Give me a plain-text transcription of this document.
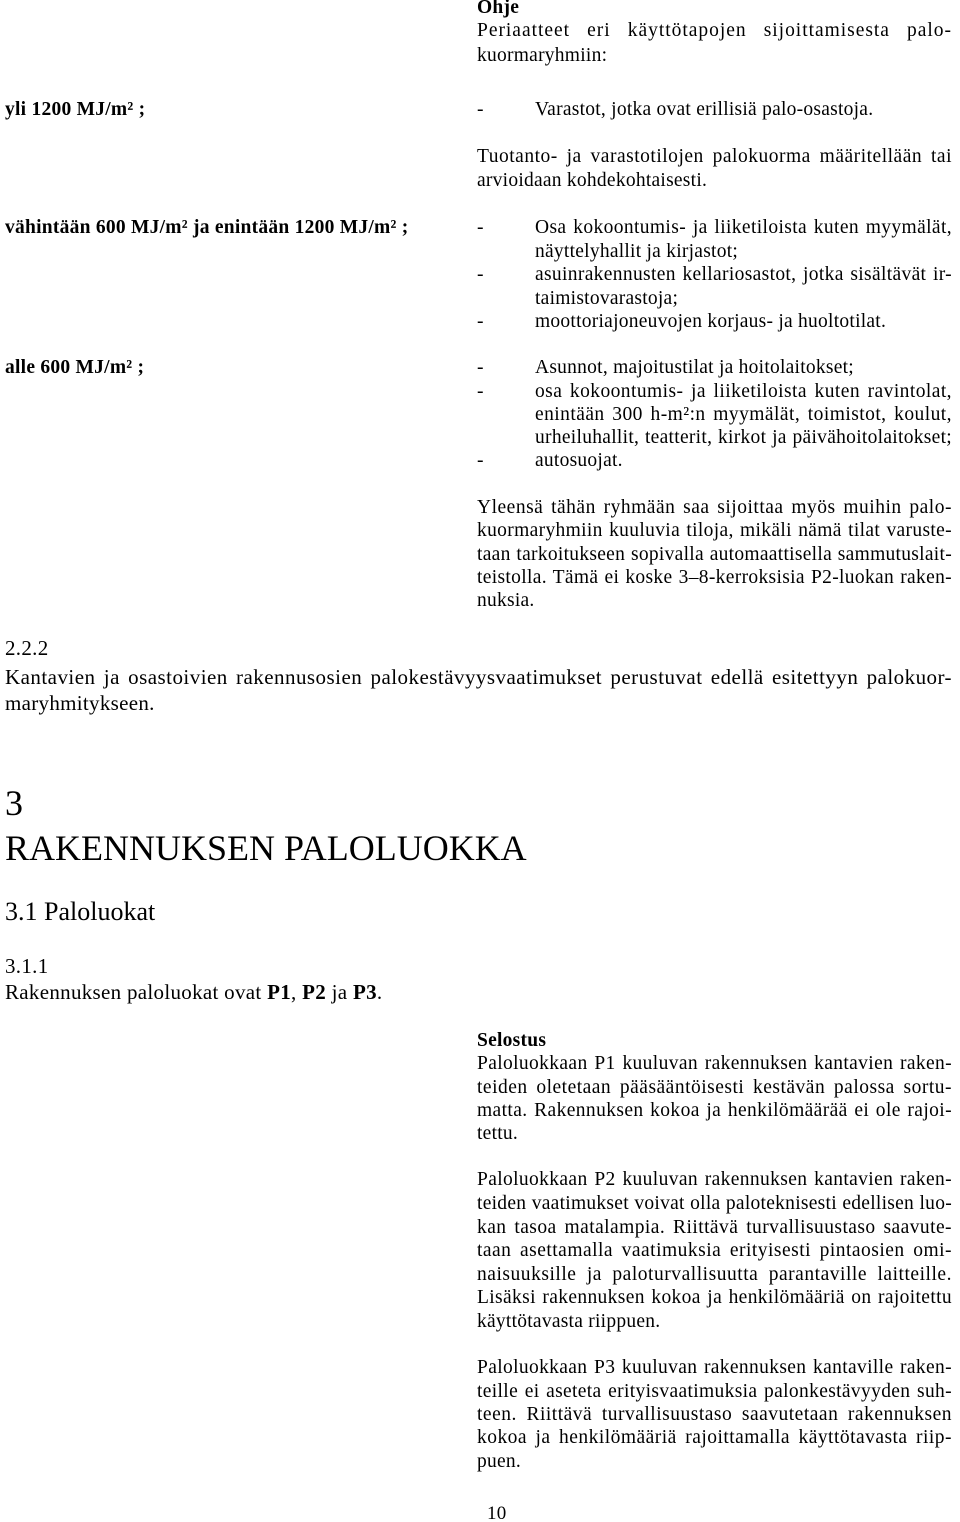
Ohje
Periaatteet eri käyttötapojen sijoittamisesta palo-
kuormaryhmiin:
yli 1200 MJ/m² ;	-	Varastot, jotka ovat erillisiä palo-osastoja.
Tuotanto- ja varastotilojen palokuorma määritellään tai
arvioidaan kohdekohtaisesti.
vähintään 600 MJ/m² ja enintään 1200 MJ/m² ;	-	Osa kokoontumis- ja liiketiloista kuten myymälät,
näyttelyhallit ja kirjastot;
-	asuinrakennusten kellariosastot, jotka sisältävät ir-
taimistovarastoja;
-	moottoriajoneuvojen korjaus- ja huoltotilat.
alle 600 MJ/m² ;	-	Asunnot, majoitustilat ja hoitolaitokset;
-	osa kokoontumis- ja liiketiloista kuten ravintolat,
enintään 300 h-m²:n myymälät, toimistot, koulut,
urheiluhallit, teatterit, kirkot ja päivähoitolaitokset;
-	autosuojat.
Yleensä tähän ryhmään saa sijoittaa myös muihin palo-
kuormaryhmiin kuuluvia tiloja, mikäli nämä tilat varuste-
taan tarkoitukseen sopivalla automaattisella sammutuslait-
teistolla. Tämä ei koske 3–8-kerroksisia P2-luokan raken-
nuksia.
2.2.2
Kantavien ja osastoivien rakennusosien palokestävyysvaatimukset perustuvat edellä esitettyyn palokuor-
maryhmitykseen.
3
RAKENNUKSEN PALOLUOKKA
3.1 Paloluokat
3.1.1
Rakennuksen paloluokat ovat P1, P2 ja P3.
Selostus
Paloluokkaan P1 kuuluvan rakennuksen kantavien raken-
teiden oletetaan pääsääntöisesti kestävän palossa sortu-
matta. Rakennuksen kokoa ja henkilömäärää ei ole rajoi-
tettu.
Paloluokkaan P2 kuuluvan rakennuksen kantavien raken-
teiden vaatimukset voivat olla paloteknisesti edellisen luo-
kan tasoa matalampia. Riittävä turvallisuustaso saavute-
taan asettamalla vaatimuksia erityisesti pintaosien omi-
naisuuksille ja paloturvallisuutta parantaville laitteille.
Lisäksi rakennuksen kokoa ja henkilömääriä on rajoitettu
käyttötavasta riippuen.
Paloluokkaan P3 kuuluvan rakennuksen kantaville raken-
teille ei aseteta erityisvaatimuksia palonkestävyyden suh-
teen. Riittävä turvallisuustaso saavutetaan rakennuksen
kokoa ja henkilömääriä rajoittamalla käyttötavasta riip-
puen.
10
